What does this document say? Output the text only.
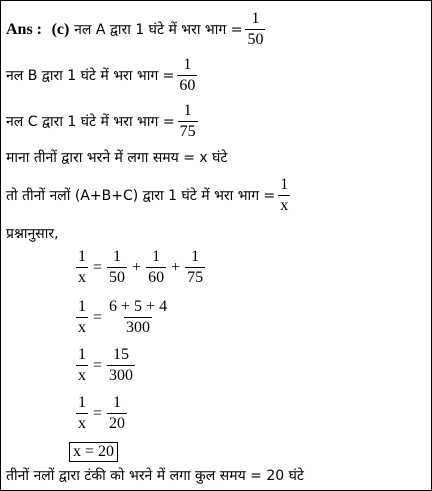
Ans :
(c)
नल A द्वारा 1 घंटे में भरा भाग = $\frac{1}{50}$
नल B द्वारा 1 घंटे में भरा भाग = $\frac{1}{60}$
नल C द्वारा 1 घंटे में भरा भाग = $\frac{1}{75}$
माना तीनों द्वारा भरने में लगा समय = x घंटे
तो तीनों नलों (A+B+C) द्वारा 1 घंटे में भरा भाग = $\frac{1}{x}$
प्रश्नानुसार,
$\frac{1}{x} = \frac{1}{50} + \frac{1}{60} + \frac{1}{75}$
$\frac{1}{x} = \frac{6 + 5 + 4}{300}$
$\frac{1}{x} = \frac{15}{300}$
$\frac{1}{x} = \frac{1}{20}$
x = 20
तीनों नलों द्वारा टंकी को भरने में लगा कुल समय = 20 घंटे
